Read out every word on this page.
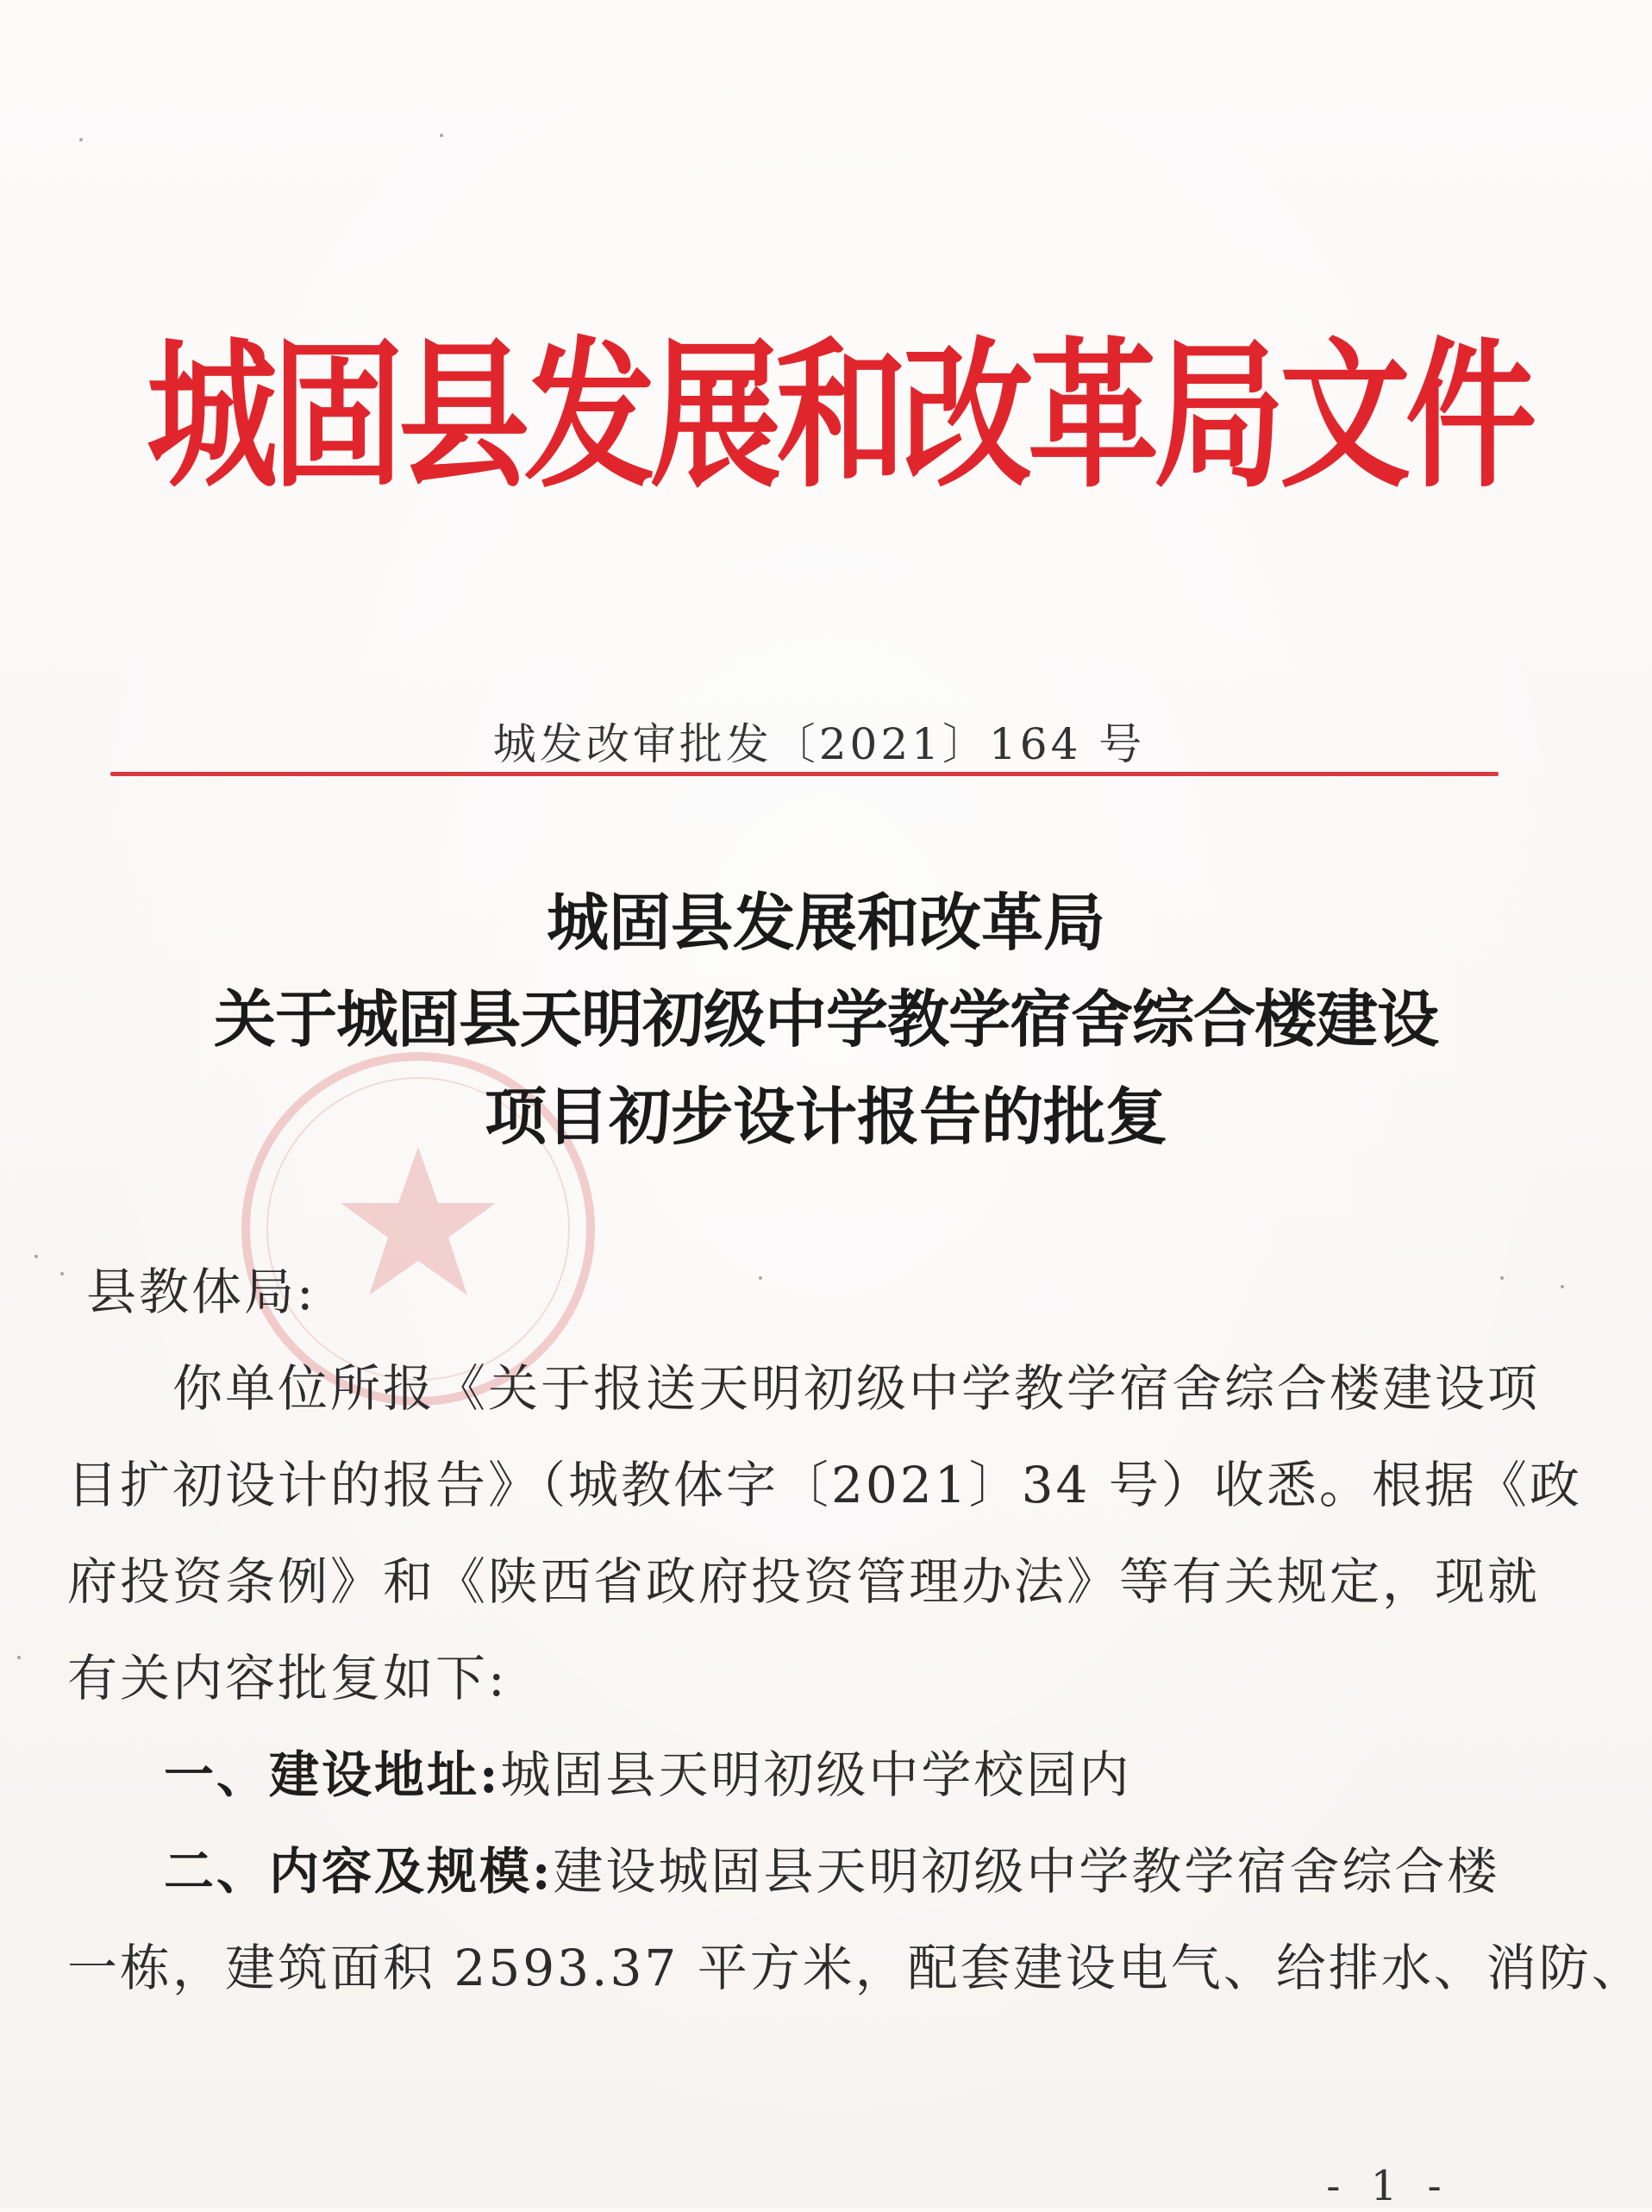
城固县发展和改革局文件
城发改审批发〔2021〕164 号
城固县发展和改革局
关于城固县天明初级中学教学宿舍综合楼建设
项目初步设计报告的批复
县教体局:
你单位所报《关于报送天明初级中学教学宿舍综合楼建设项
目扩初设计的报告》（城教体字〔2021〕34 号）收悉。根据《政
府投资条例》和《陕西省政府投资管理办法》等有关规定，现就
有关内容批复如下:
一、建设地址:城固县天明初级中学校园内
二、内容及规模:建设城固县天明初级中学教学宿舍综合楼
一栋，建筑面积 2593.37 平方米，配套建设电气、给排水、消防、
- 1 -
